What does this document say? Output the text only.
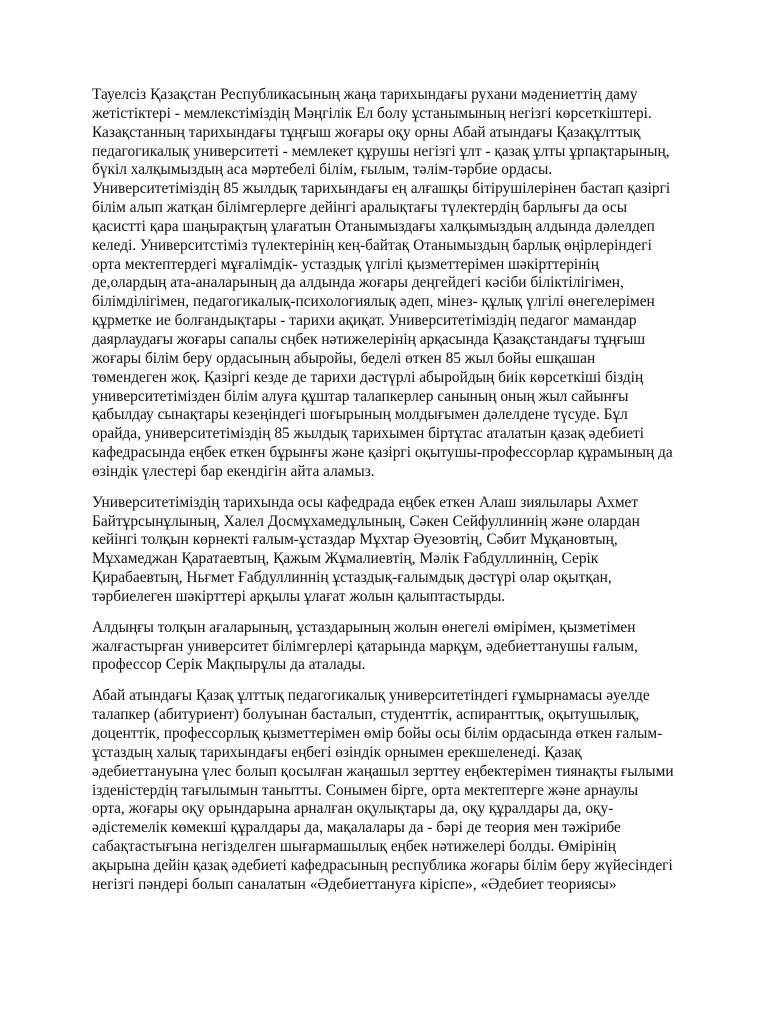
Тауелсіз Қазақстан Республикасының жаңа тарихындағы рухани мәдениеттің даму жетістіктері - мемлекстіміздің Мәңгілік Ел болу ұстанымының негізгі көрсеткіштері. Казақстанның тарихындағы тұңғыш жоғары оқу орны Абай атындағы Қазақұлттық педагогикалық университеті - мемлекет құрушы негізгі ұлт - қазақ ұлты ұрпақтарының, бүкіл халқымыздың аса мәртебелі білім, ғылым, тәлім-тәрбие ордасы. Университетіміздің 85 жылдық тарихындағы ең алғашқы бітірушілерінен бастап қазіргі білім алып жатқан білімгерлерге дейінгі аралықтағы түлектердің барлығы да осы қасистті қара шаңырақтың ұлағатын Отанымыздағы халқымыздың алдында дәлелдеп келеді. Университстіміз түлектерінің кең-байтақ Отанымыздың барлық өңірлеріндегі орта мектептердегі мұғалімдік- устаздық үлгілі қызметтерімен шәкірттерінің де,олардың ата-аналарының да алдында жоғары деңгейдегі кәсіби біліктілігімен, білімділігімен, педагогикалық-психологиялық әдеп, мінез- құлық үлгілі өнегелерімен құрметке ие болғандықтары - тарихи ақиқат. Университетіміздің педагог мамандар даярлаудағы жоғары сапалы сңбек нәтижелерінің арқасында Қазақстандағы тұңғыш жоғары білім беру ордасының абыройы, беделі өткен 85 жыл бойы ешқашан төмендеген жоқ. Қазіргі кезде де тарихи дәстүрлі абыройдың биік көрсеткіші біздің университетімізден білім алуға құштар талапкерлер санының оның жыл сайынғы қабылдау сынақтары кезеңіндегі шоғырының молдығымен дәлелдене түсуде. Бұл орайда, университетіміздің 85 жылдық тарихымен біртұтас аталатын қазақ әдебиеті кафедрасында еңбек еткен бұрынғы және қазіргі оқытушы-профессорлар құрамының да өзіндік үлестері бар екендігін айта аламыз.

Университетіміздің тарихында осы кафедрада еңбек еткен Алаш зиялылары Ахмет Байтұрсынұлының, Халел Досмұхамедұлының, Сәкен Сейфуллиннің және олардан кейінгі толқын көрнекті ғалым-ұстаздар Мұхтар Әуезовтің, Сәбит Мұқановтың, Мұхамеджан Қаратаевтың, Қажым Жұмалиевтің, Мәлік Ғабдуллиннің, Серік Қирабаевтың, Ньғмет Ғабдуллиннің ұстаздық-ғалымдық дәстүрі олар оқытқан, тәрбиелеген шәкірттері арқылы ұлағат жолын қалыптастырды.

Алдыңғы толқын ағаларының, ұстаздарының жолын өнегелі өмірімен, қызметімен жалғастырған университет білімгерлері қатарында марқұм, әдебиеттанушы ғалым, профессор Серік Мақпырұлы да аталады.

Абай атындағы Қазақ ұлттық педагогикалық университетіндегі ғұмырнамасы әуелде талапкер (абитуриент) болуынан басталып, студенттік, аспиранттық, оқытушылық, доценттік, профессорлық қызметтерімен өмір бойы осы білім ордасында өткен ғалым-ұстаздың халық тарихындағы еңбегі өзіндік орнымен ерекшеленеді. Қазақ әдебиеттануына үлес болып қосылған жаңашыл зерттеу еңбектерімен тиянақты ғылыми ізденістердің тағылымын танытты. Сонымен бірге, орта мектептерге және арнаулы орта, жоғары оқу орындарына арналған оқулықтары да, оқу құралдары да, оқу-әдістемелік көмекші құралдары да, мақалалары да - бәрі де теория мен тәжірибе сабақтастығына негізделген шығармашылық еңбек нәтижелері болды. Өмірінің ақырына дейін қазақ әдебиеті кафедрасының республика жоғары білім беру жүйесіндегі негізгі пәндері болып саналатын «Әдебиеттануға кіріспе», «Әдебиет теориясы»
